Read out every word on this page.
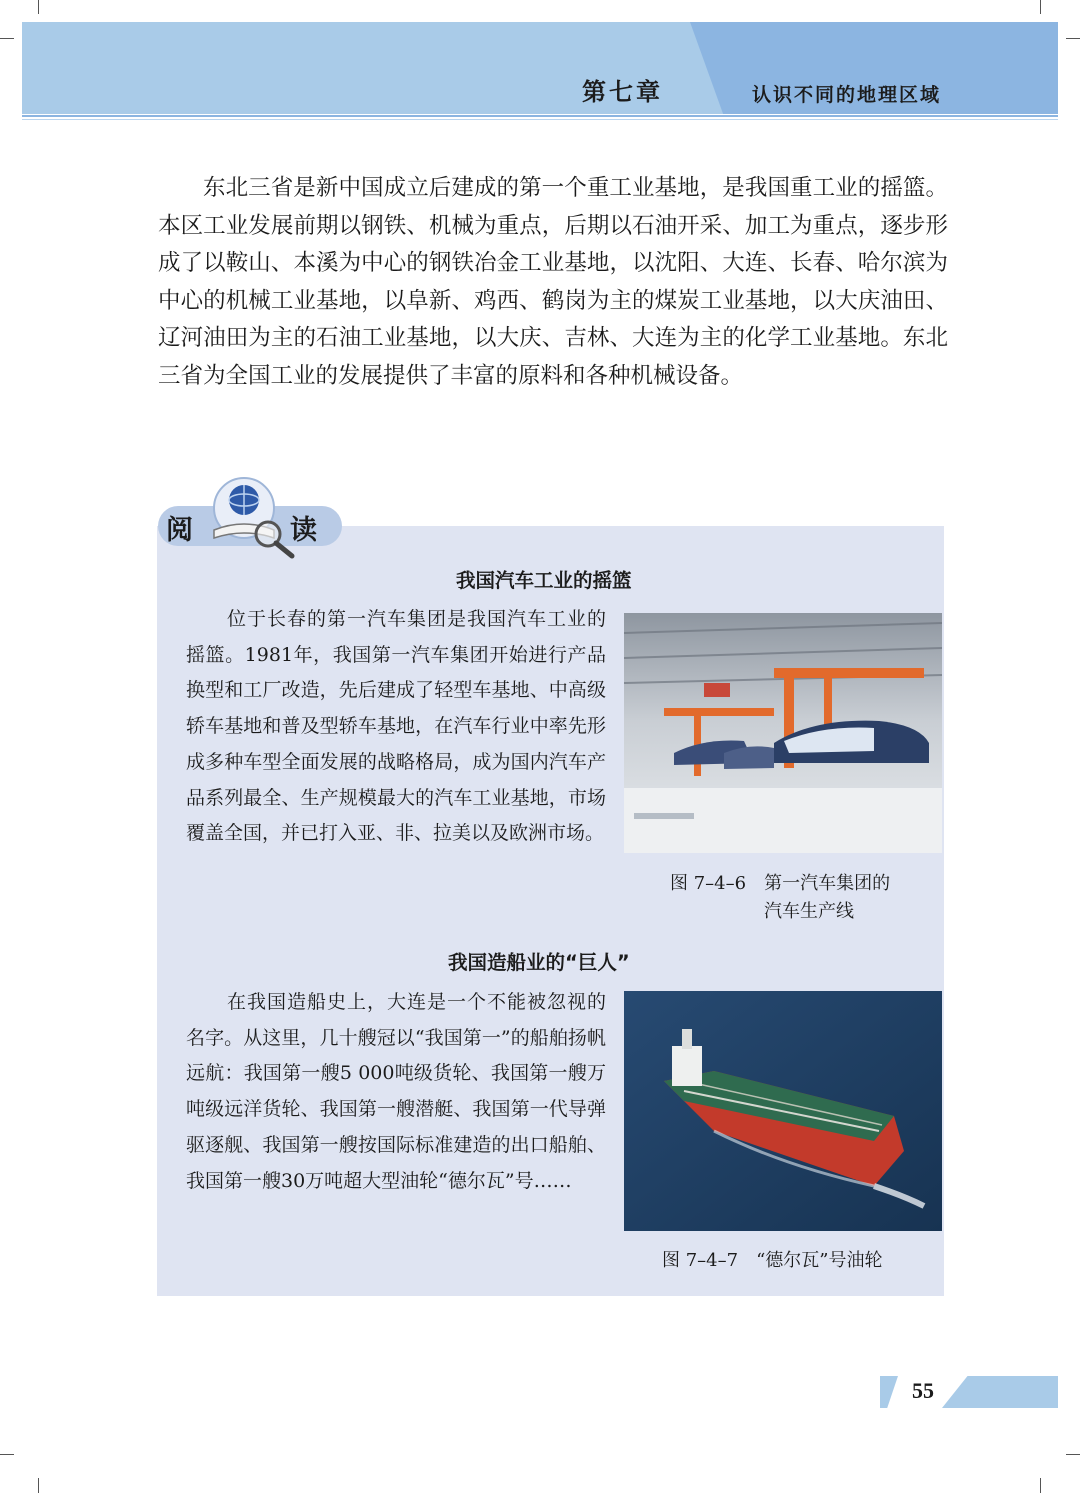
第七章	认识不同的地理区域

东北三省是新中国成立后建成的第一个重工业基地，是我国重工业的摇篮。本区工业发展前期以钢铁、机械为重点，后期以石油开采、加工为重点，逐步形成了以鞍山、本溪为中心的钢铁冶金工业基地，以沈阳、大连、长春、哈尔滨为中心的机械工业基地，以阜新、鸡西、鹤岗为主的煤炭工业基地，以大庆油田、辽河油田为主的石油工业基地，以大庆、吉林、大连为主的化学工业基地。东北三省为全国工业的发展提供了丰富的原料和各种机械设备。

阅	读
我国汽车工业的摇篮

位于长春的第一汽车集团是我国汽车工业的摇篮。1981年，我国第一汽车集团开始进行产品换型和工厂改造，先后建成了轻型车基地、中高级轿车基地和普及型轿车基地，在汽车行业中率先形成多种车型全面发展的战略格局，成为国内汽车产品系列最全、生产规模最大的汽车工业基地，市场覆盖全国，并已打入亚、非、拉美以及欧洲市场。

图 7–4–6　第一汽车集团的
汽车生产线
我国造船业的“巨人”

在我国造船史上，大连是一个不能被忽视的名字。从这里，几十艘冠以“我国第一”的船舶扬帆远航：我国第一艘5 000吨级货轮、我国第一艘万吨级远洋货轮、我国第一艘潜艇、我国第一代导弹驱逐舰、我国第一艘按国际标准建造的出口船舶、我国第一艘30万吨超大型油轮“德尔瓦”号……

图 7–4–7　“德尔瓦”号油轮
55
